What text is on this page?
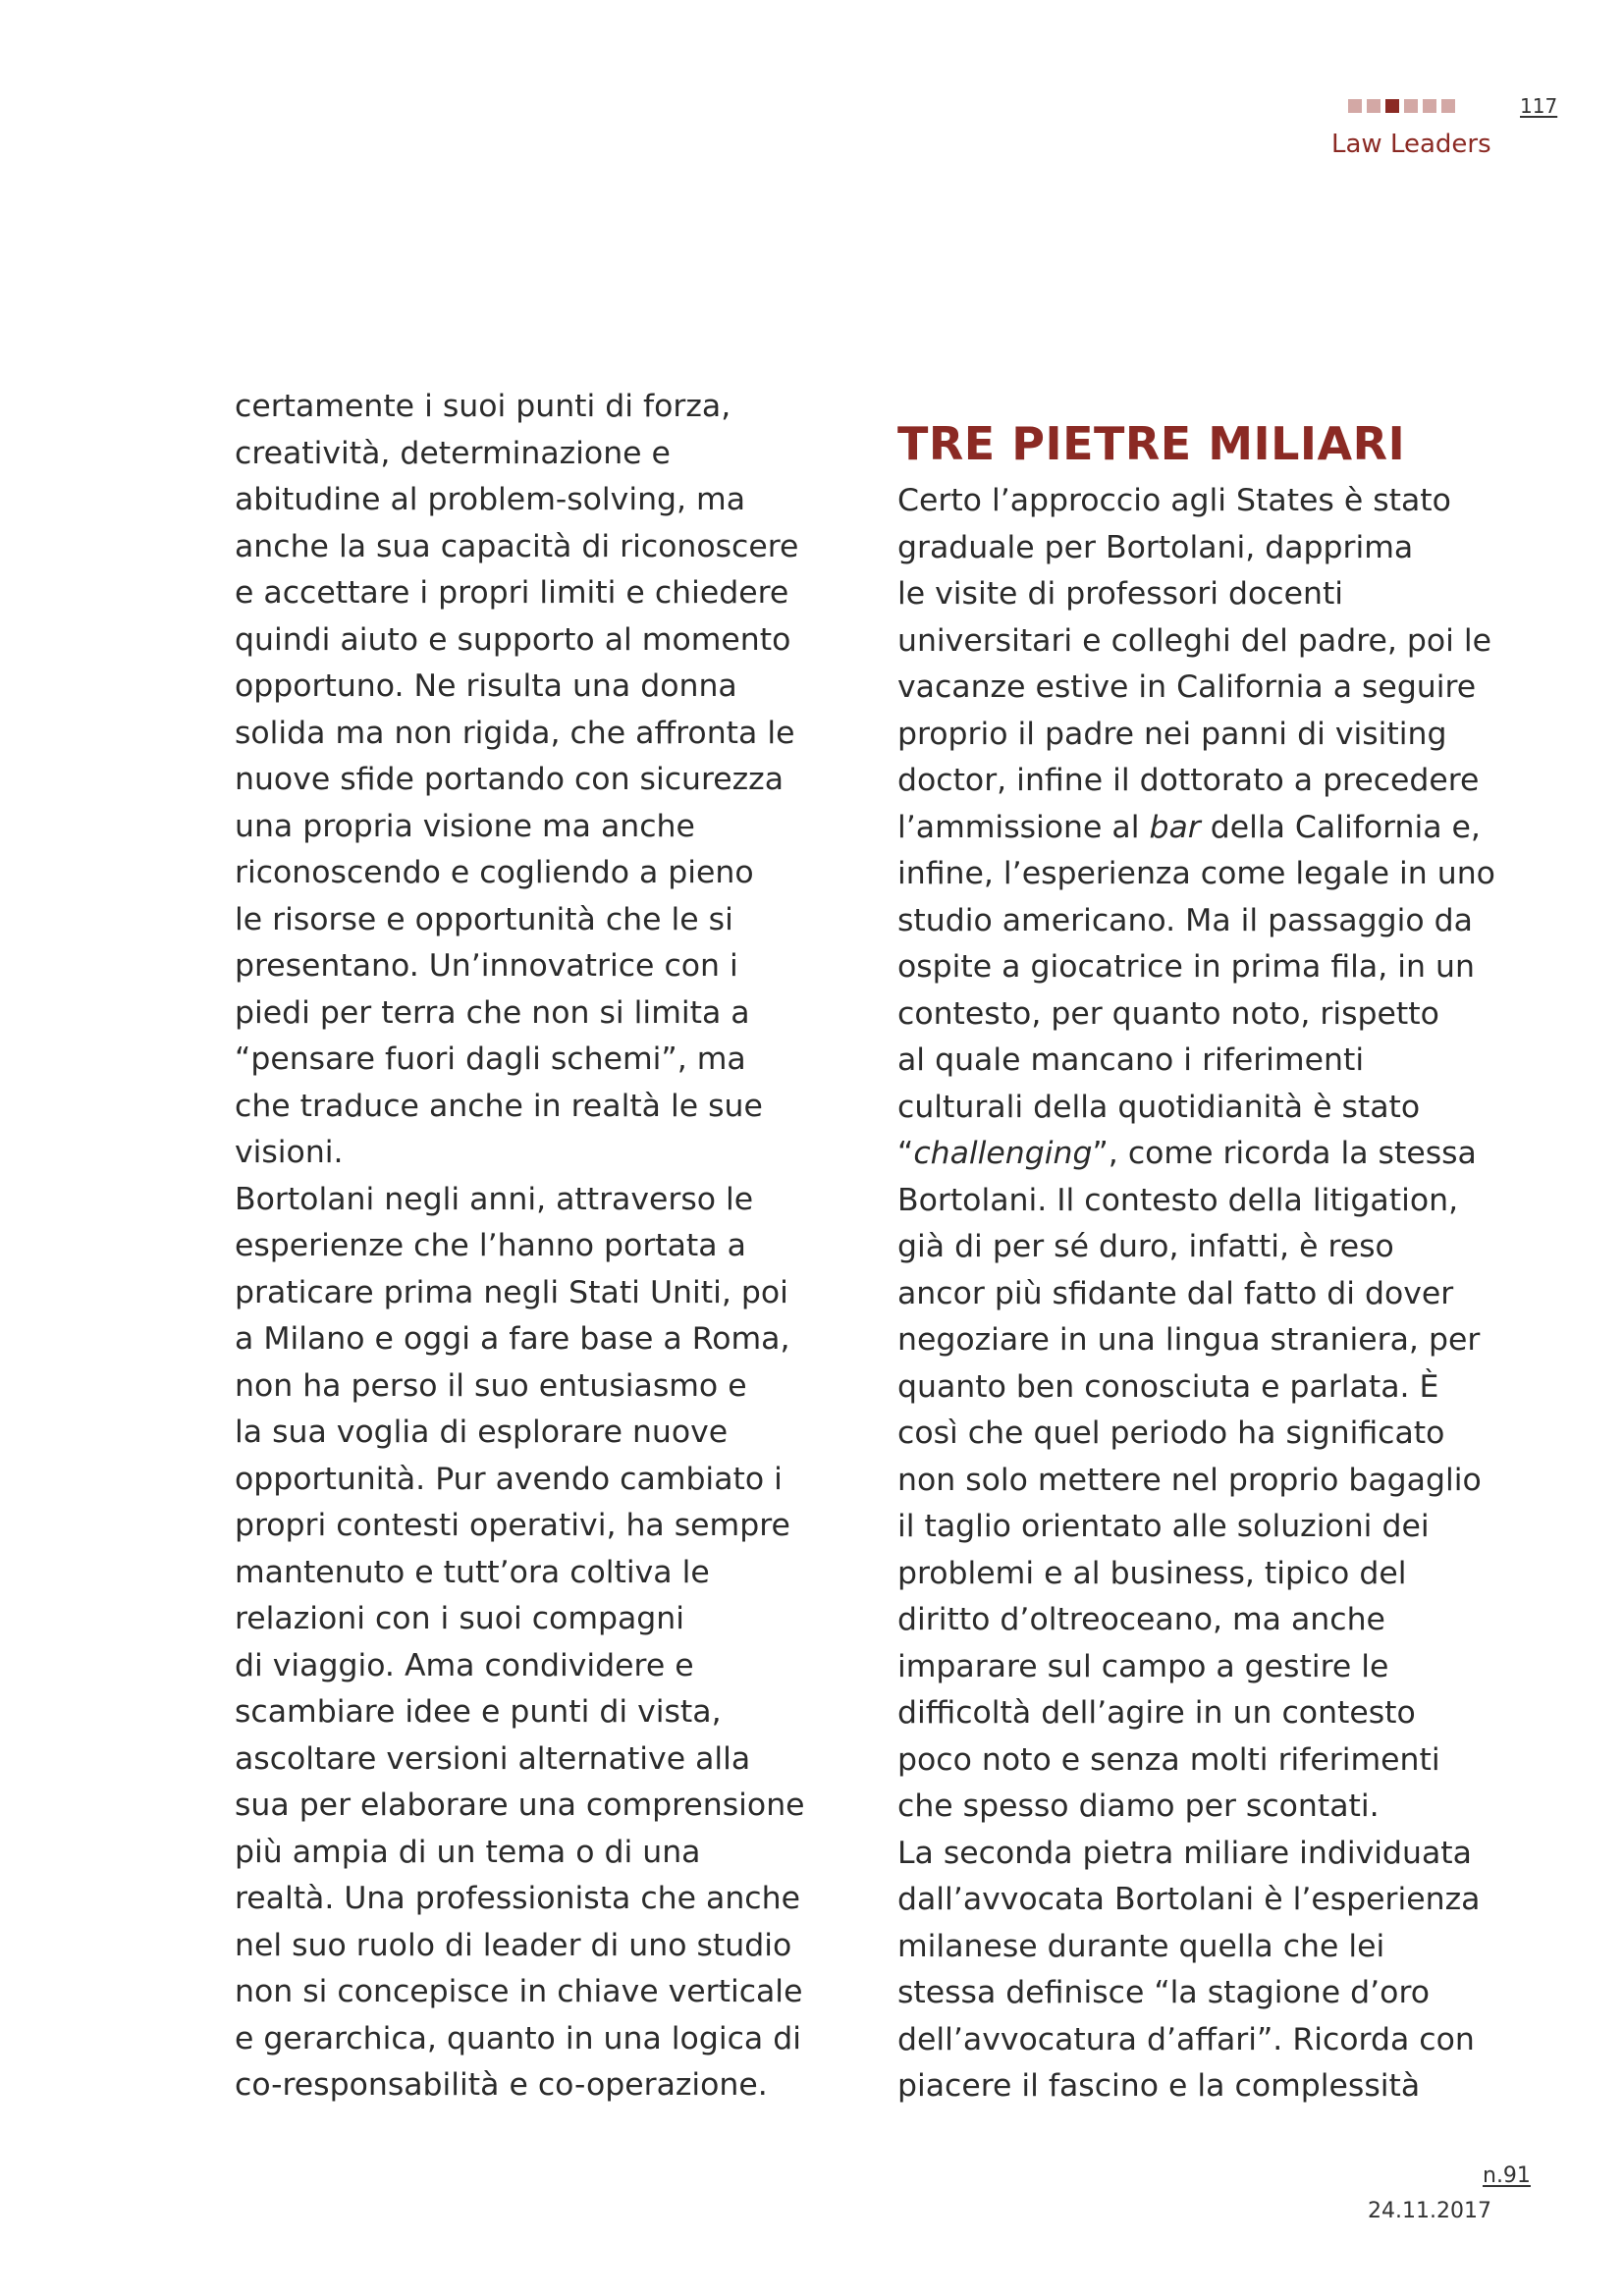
117
Law Leaders
certamente i suoi punti di forza,
creatività, determinazione e
abitudine al problem-solving, ma
anche la sua capacità di riconoscere
e accettare i propri limiti e chiedere
quindi aiuto e supporto al momento
opportuno. Ne risulta una donna
solida ma non rigida, che affronta le
nuove sfide portando con sicurezza
una propria visione ma anche
riconoscendo e cogliendo a pieno
le risorse e opportunità che le si
presentano. Un’innovatrice con i
piedi per terra che non si limita a
“pensare fuori dagli schemi”, ma
che traduce anche in realtà le sue
visioni.
Bortolani negli anni, attraverso le
esperienze che l’hanno portata a
praticare prima negli Stati Uniti, poi
a Milano e oggi a fare base a Roma,
non ha perso il suo entusiasmo e
la sua voglia di esplorare nuove
opportunità. Pur avendo cambiato i
propri contesti operativi, ha sempre
mantenuto e tutt’ora coltiva le
relazioni con i suoi compagni
di viaggio. Ama condividere e
scambiare idee e punti di vista,
ascoltare versioni alternative alla
sua per elaborare una comprensione
più ampia di un tema o di una
realtà. Una professionista che anche
nel suo ruolo di leader di uno studio
non si concepisce in chiave verticale
e gerarchica, quanto in una logica di
co-responsabilità e co-operazione.
TRE PIETRE MILIARI
Certo l’approccio agli States è stato
graduale per Bortolani, dapprima
le visite di professori docenti
universitari e colleghi del padre, poi le
vacanze estive in California a seguire
proprio il padre nei panni di visiting
doctor, infine il dottorato a precedere
l’ammissione al bar della California e,
infine, l’esperienza come legale in uno
studio americano. Ma il passaggio da
ospite a giocatrice in prima fila, in un
contesto, per quanto noto, rispetto
al quale mancano i riferimenti
culturali della quotidianità è stato
“challenging”, come ricorda la stessa
Bortolani. Il contesto della litigation,
già di per sé duro, infatti, è reso
ancor più sfidante dal fatto di dover
negoziare in una lingua straniera, per
quanto ben conosciuta e parlata. È
così che quel periodo ha significato
non solo mettere nel proprio bagaglio
il taglio orientato alle soluzioni dei
problemi e al business, tipico del
diritto d’oltreoceano, ma anche
imparare sul campo a gestire le
difficoltà dell’agire in un contesto
poco noto e senza molti riferimenti
che spesso diamo per scontati.
La seconda pietra miliare individuata
dall’avvocata Bortolani è l’esperienza
milanese durante quella che lei
stessa definisce “la stagione d’oro
dell’avvocatura d’affari”. Ricorda con
piacere il fascino e la complessità
n.91
24.11.2017
